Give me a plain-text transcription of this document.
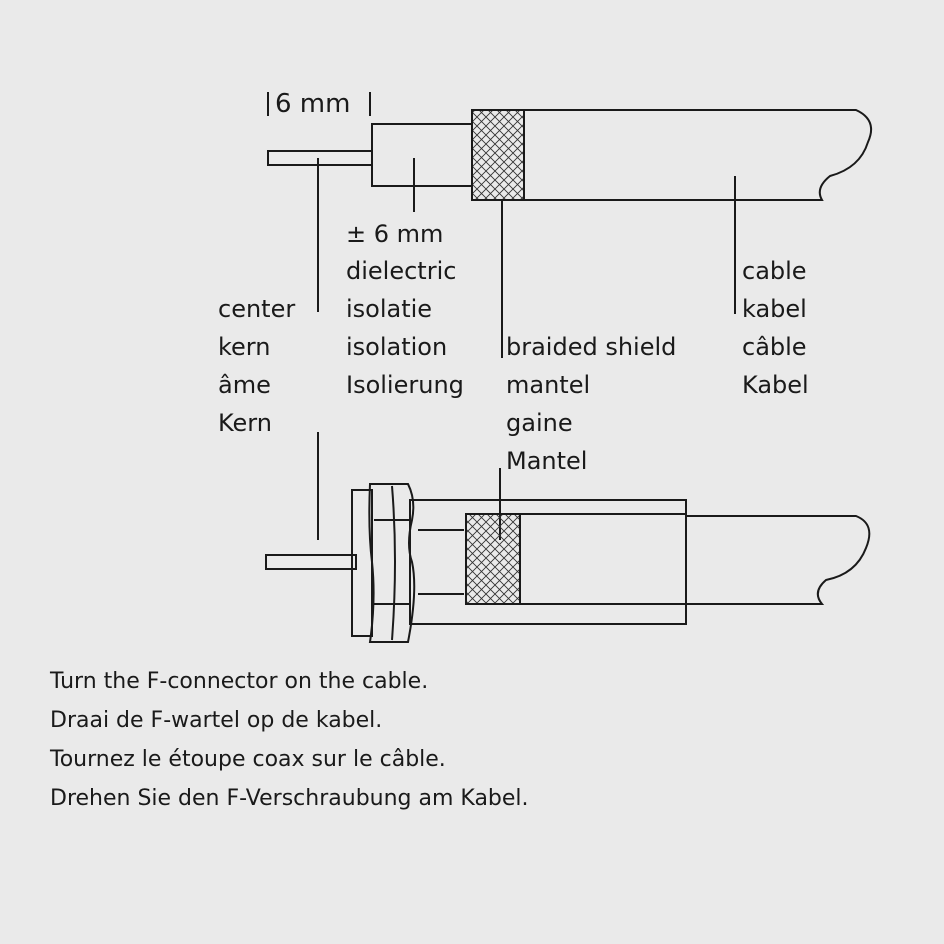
6 mm
± 6 mm
center
kern
âme
Kern
dielectric
isolatie
isolation
Isolierung
braided shield
mantel
gaine
Mantel
cable
kabel
câble
Kabel
Turn the F-connector on the cable.
Draai de F-wartel op de kabel.
Tournez le étoupe coax sur le câble.
Drehen Sie den F-Verschraubung am Kabel.
